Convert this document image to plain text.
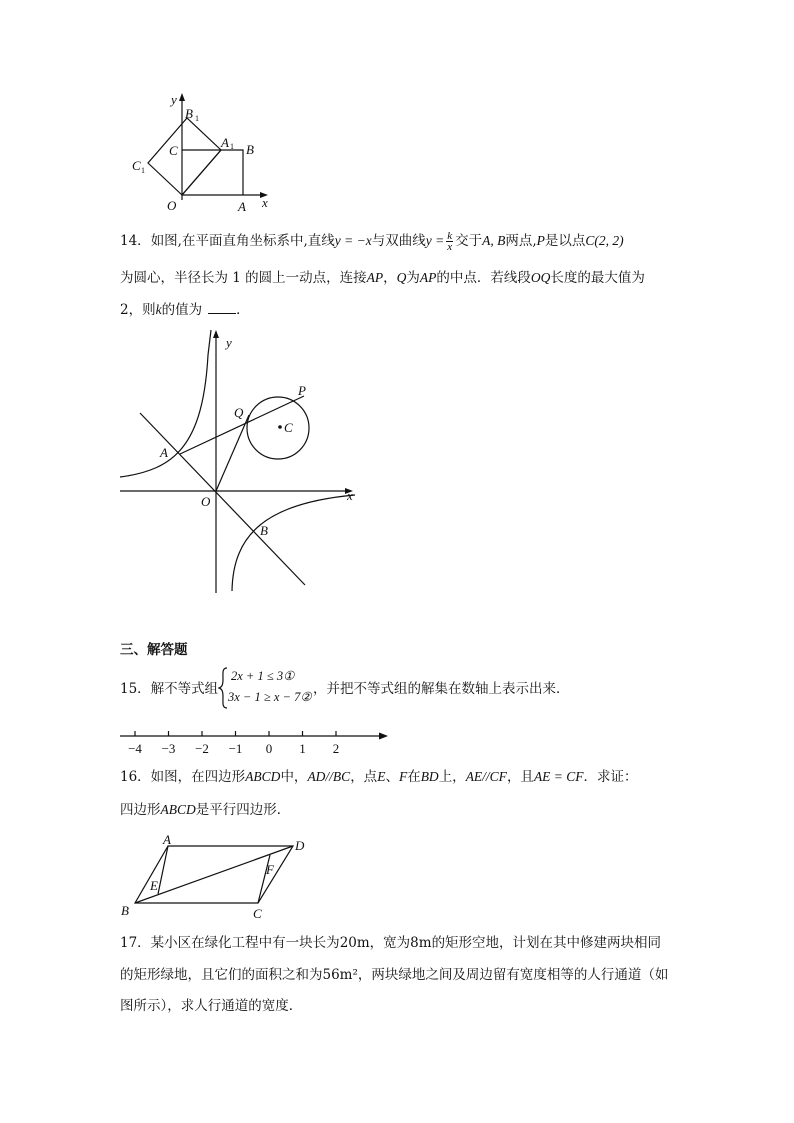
y
B 1
C
A 1 B
C 1
O	A x
14．如图,在平面直角坐标系中,直线y = −x与双曲线$y = \frac{k}{x}$ 交于A, B两点,P是以点C(2, 2)
为圆心，半径长为 1 的圆上一动点，连接AP，Q为AP的中点．若线段OQ长度的最大值为
2，则k的值为	．
y
Q
P
C
A
O	x
B
三、解答题
15．解不等式组
2x + 1 ≤ 3①
3x − 1 ≥ x − 7② ，并把不等式组的解集在数轴上表示出来．
−4 −3 −2 −1 0 1 2
16．如图，在四边形ABCD中，AD//BC，点E、F在BD上，AE//CF，且AE = CF．求证：
四边形ABCD是平行四边形．
A	D
E
F
B	C
17．某小区在绿化工程中有一块长为20m，宽为8m的矩形空地，计划在其中修建两块相同
的矩形绿地，且它们的面积之和为56m²，两块绿地之间及周边留有宽度相等的人行通道（如
图所示），求人行通道的宽度．
